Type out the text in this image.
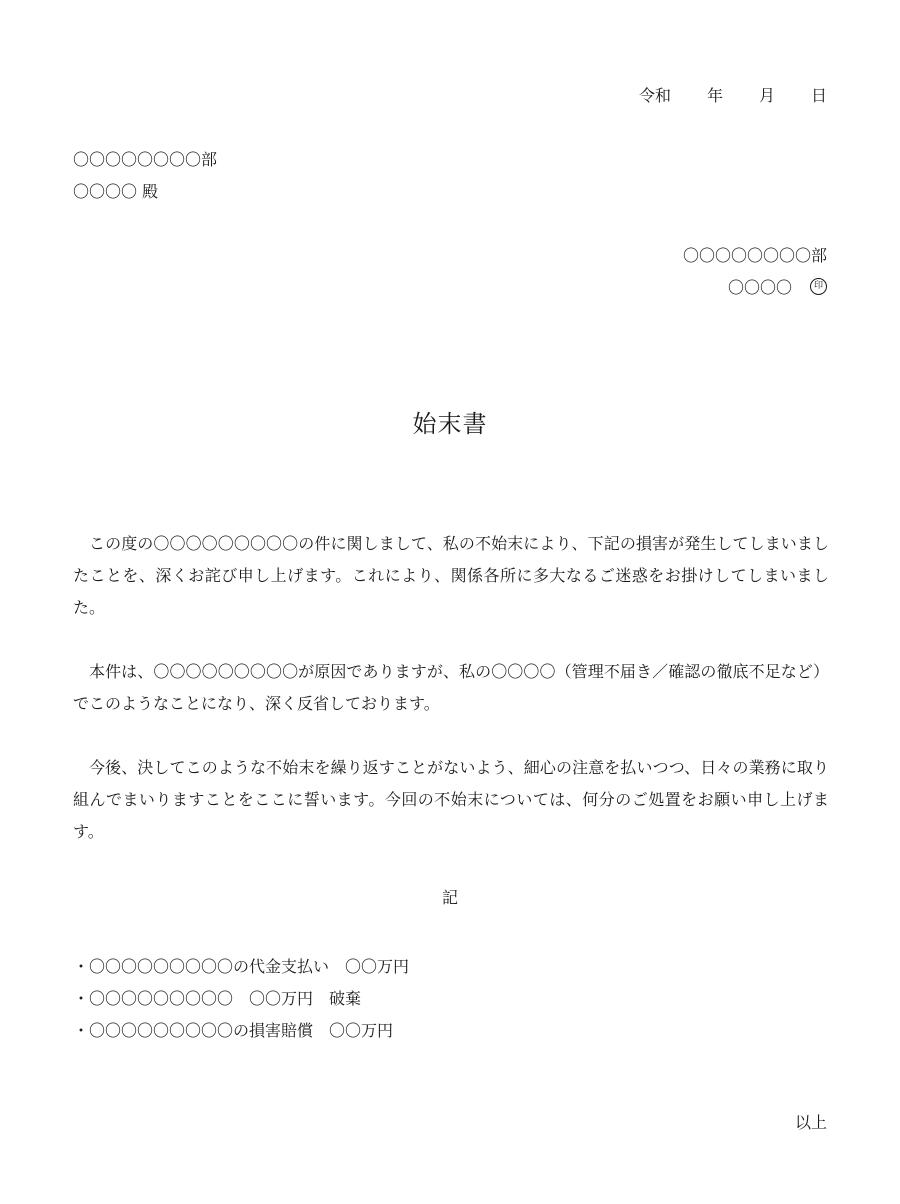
令和 年 月 日
〇〇〇〇〇〇〇〇部
〇〇〇〇 殿
〇〇〇〇〇〇〇〇部
〇〇〇〇 印
始末書
この度の〇〇〇〇〇〇〇〇〇の件に関しまして、私の不始末により、下記の損害が発生してしまいましたことを、深くお詫び申し上げます。これにより、関係各所に多大なるご迷惑をお掛けしてしまいました。
本件は、〇〇〇〇〇〇〇〇〇が原因でありますが、私の〇〇〇〇（管理不届き／確認の徹底不足など）でこのようなことになり、深く反省しております。
今後、決してこのような不始末を繰り返すことがないよう、細心の注意を払いつつ、日々の業務に取り組んでまいりますことをここに誓います。今回の不始末については、何分のご処置をお願い申し上げます。
記
・〇〇〇〇〇〇〇〇〇の代金支払い　〇〇万円
・〇〇〇〇〇〇〇〇〇　〇〇万円　破棄
・〇〇〇〇〇〇〇〇〇の損害賠償　〇〇万円
以上
